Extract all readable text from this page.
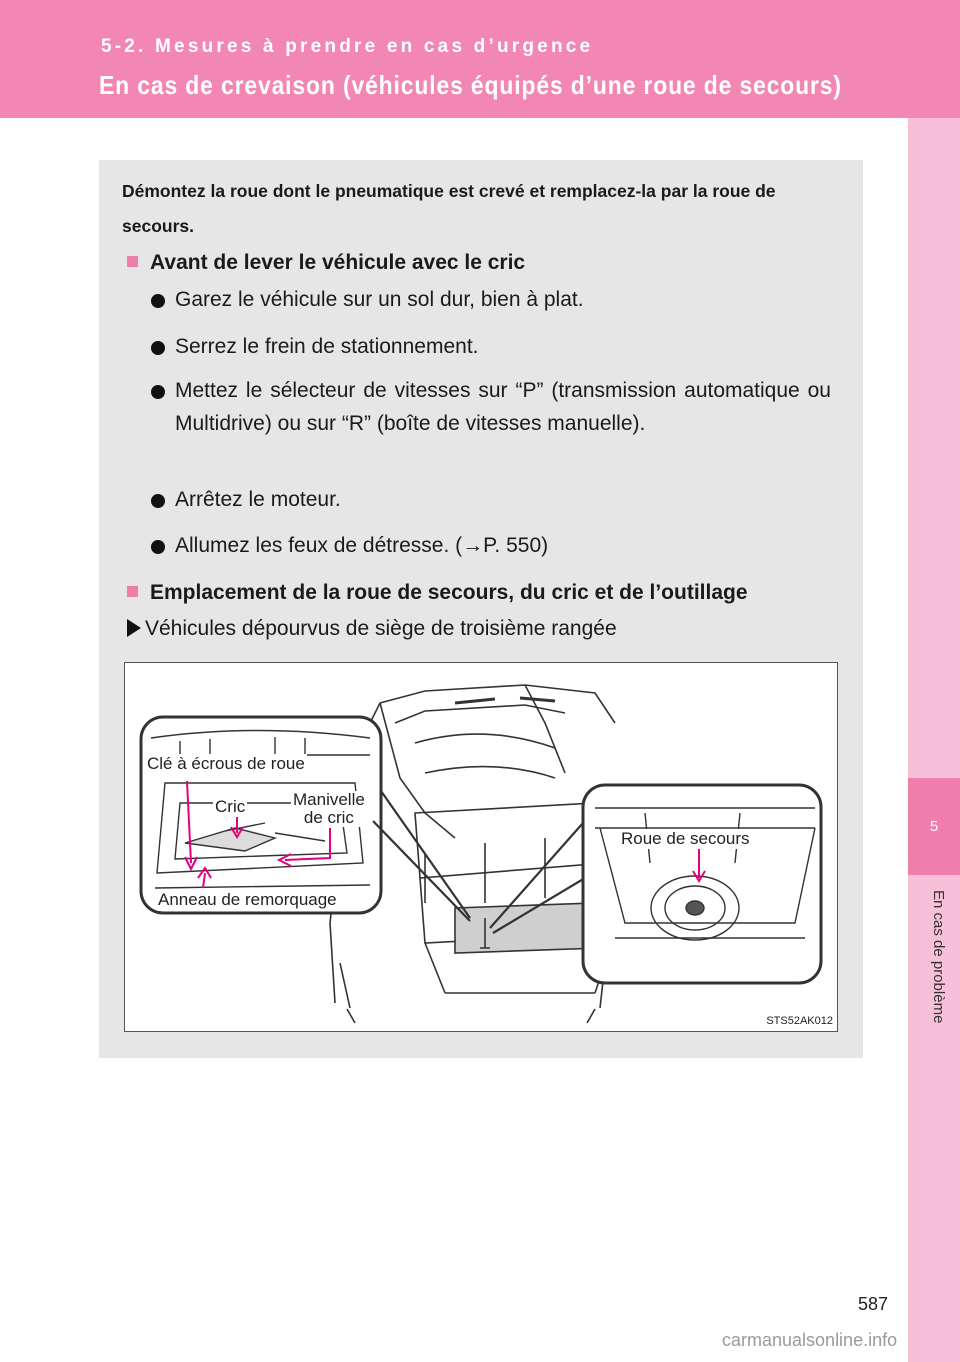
5-2. Mesures à prendre en cas d’urgence
En cas de crevaison (véhicules équipés d’une roue de secours)
5
En cas de problème
Démontez la roue dont le pneumatique est crevé et remplacez-la par la roue de secours.
Avant de lever le véhicule avec le cric
Garez le véhicule sur un sol dur, bien à plat.
Serrez le frein de stationnement.
Mettez le sélecteur de vitesses sur “P” (transmission automatique ou Multidrive) ou sur “R” (boîte de vitesses manuelle).
Arrêtez le moteur.
Allumez les feux de détresse. (→P. 550)
Emplacement de la roue de secours, du cric et de l’outillage
Véhicules dépourvus de siège de troisième rangée
Clé à écrous de roue
Cric	Manivelle
de cric
Anneau de remorquage
Roue de secours
STS52AK012
587
carmanualsonline.info
